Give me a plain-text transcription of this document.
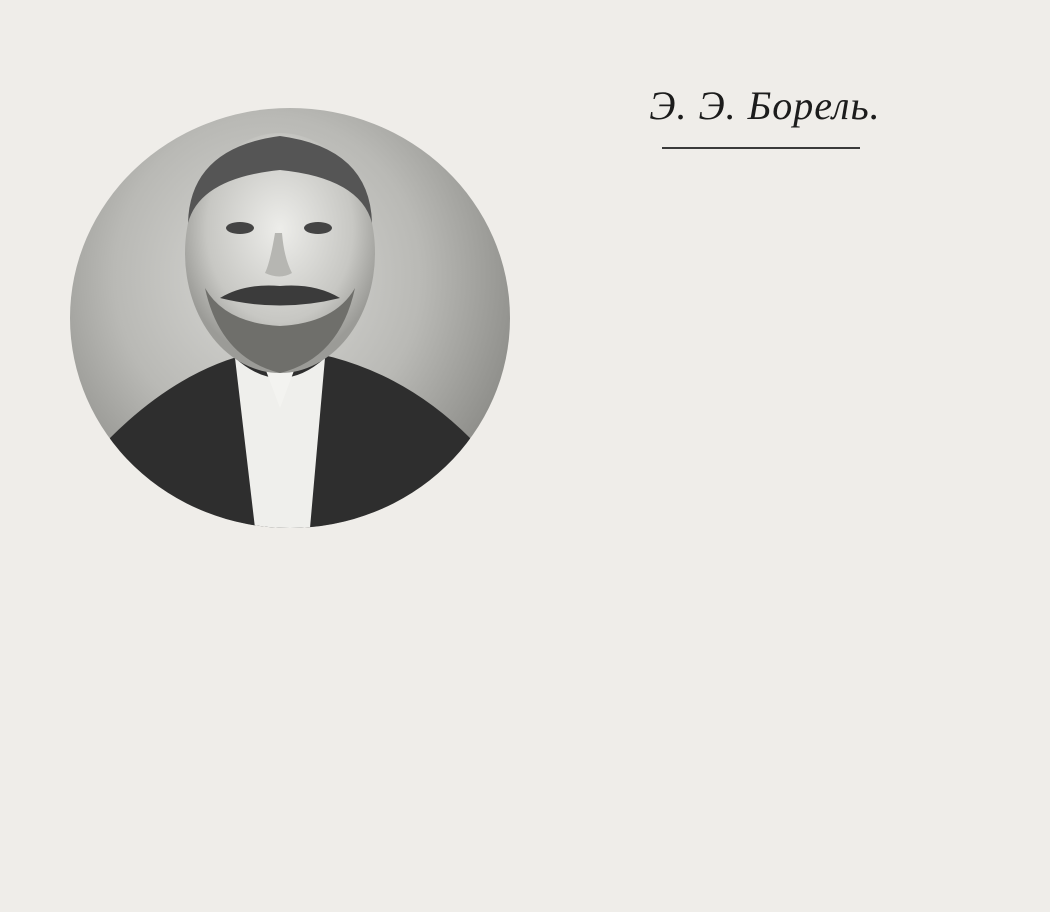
Э. Э. Борель.
